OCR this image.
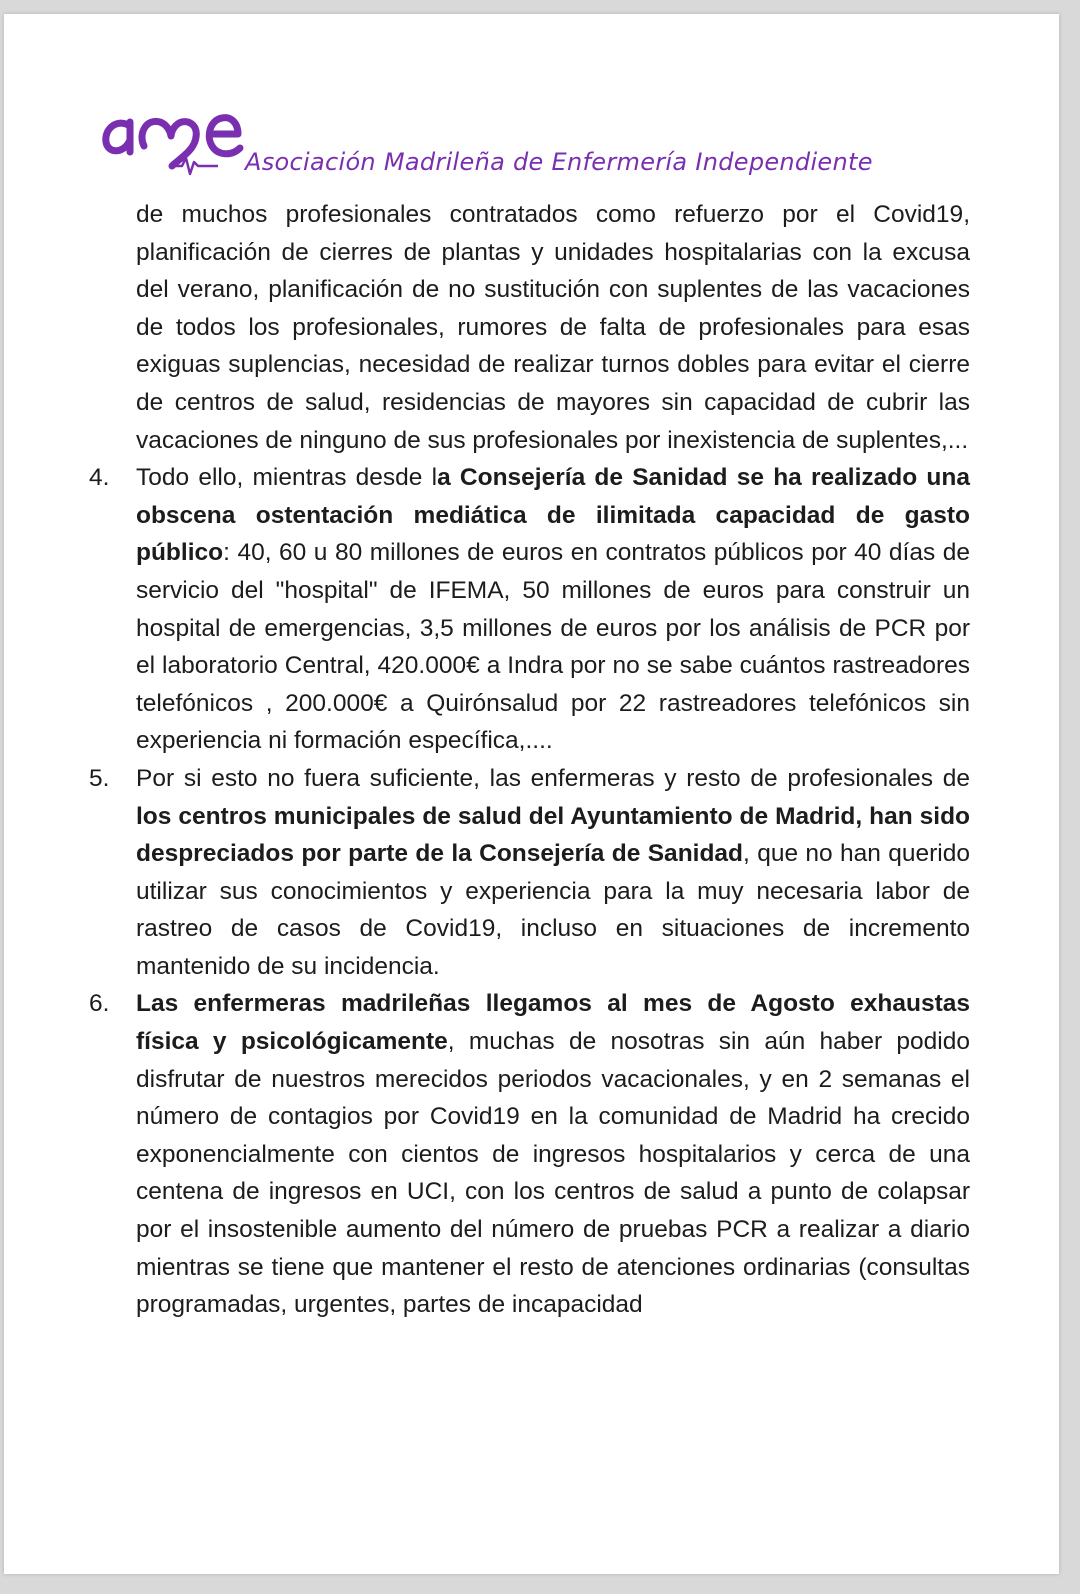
Asociación Madrileña de Enfermería Independiente

de muchos profesionales contratados como refuerzo por el Covid19, planificación de cierres de plantas y unidades hospitalarias con la excusa del verano, planificación de no sustitución con suplentes de las vacaciones de todos los profesionales, rumores de falta de profesionales para esas exiguas suplencias, necesidad de realizar turnos dobles para evitar el cierre de centros de salud, residencias de mayores sin capacidad de cubrir las vacaciones de ninguno de sus profesionales por inexistencia de suplentes,...

4. Todo ello, mientras desde la Consejería de Sanidad se ha realizado una obscena ostentación mediática de ilimitada capacidad de gasto público: 40, 60 u 80 millones de euros en contratos públicos por 40 días de servicio del "hospital" de IFEMA, 50 millones de euros para construir un hospital de emergencias, 3,5 millones de euros por los análisis de PCR por el laboratorio Central, 420.000€ a Indra por no se sabe cuántos rastreadores telefónicos , 200.000€ a Quirónsalud por 22 rastreadores telefónicos sin experiencia ni formación específica,....

5. Por si esto no fuera suficiente, las enfermeras y resto de profesionales de los centros municipales de salud del Ayuntamiento de Madrid, han sido despreciados por parte de la Consejería de Sanidad, que no han querido utilizar sus conocimientos y experiencia para la muy necesaria labor de rastreo de casos de Covid19, incluso en situaciones de incremento mantenido de su incidencia.

6. Las enfermeras madrileñas llegamos al mes de Agosto exhaustas física y psicológicamente, muchas de nosotras sin aún haber podido disfrutar de nuestros merecidos periodos vacacionales, y en 2 semanas el número de contagios por Covid19 en la comunidad de Madrid ha crecido exponencialmente con cientos de ingresos hospitalarios y cerca de una centena de ingresos en UCI, con los centros de salud a punto de colapsar por el insostenible aumento del número de pruebas PCR a realizar a diario mientras se tiene que mantener el resto de atenciones ordinarias (consultas programadas, urgentes, partes de incapacidad
